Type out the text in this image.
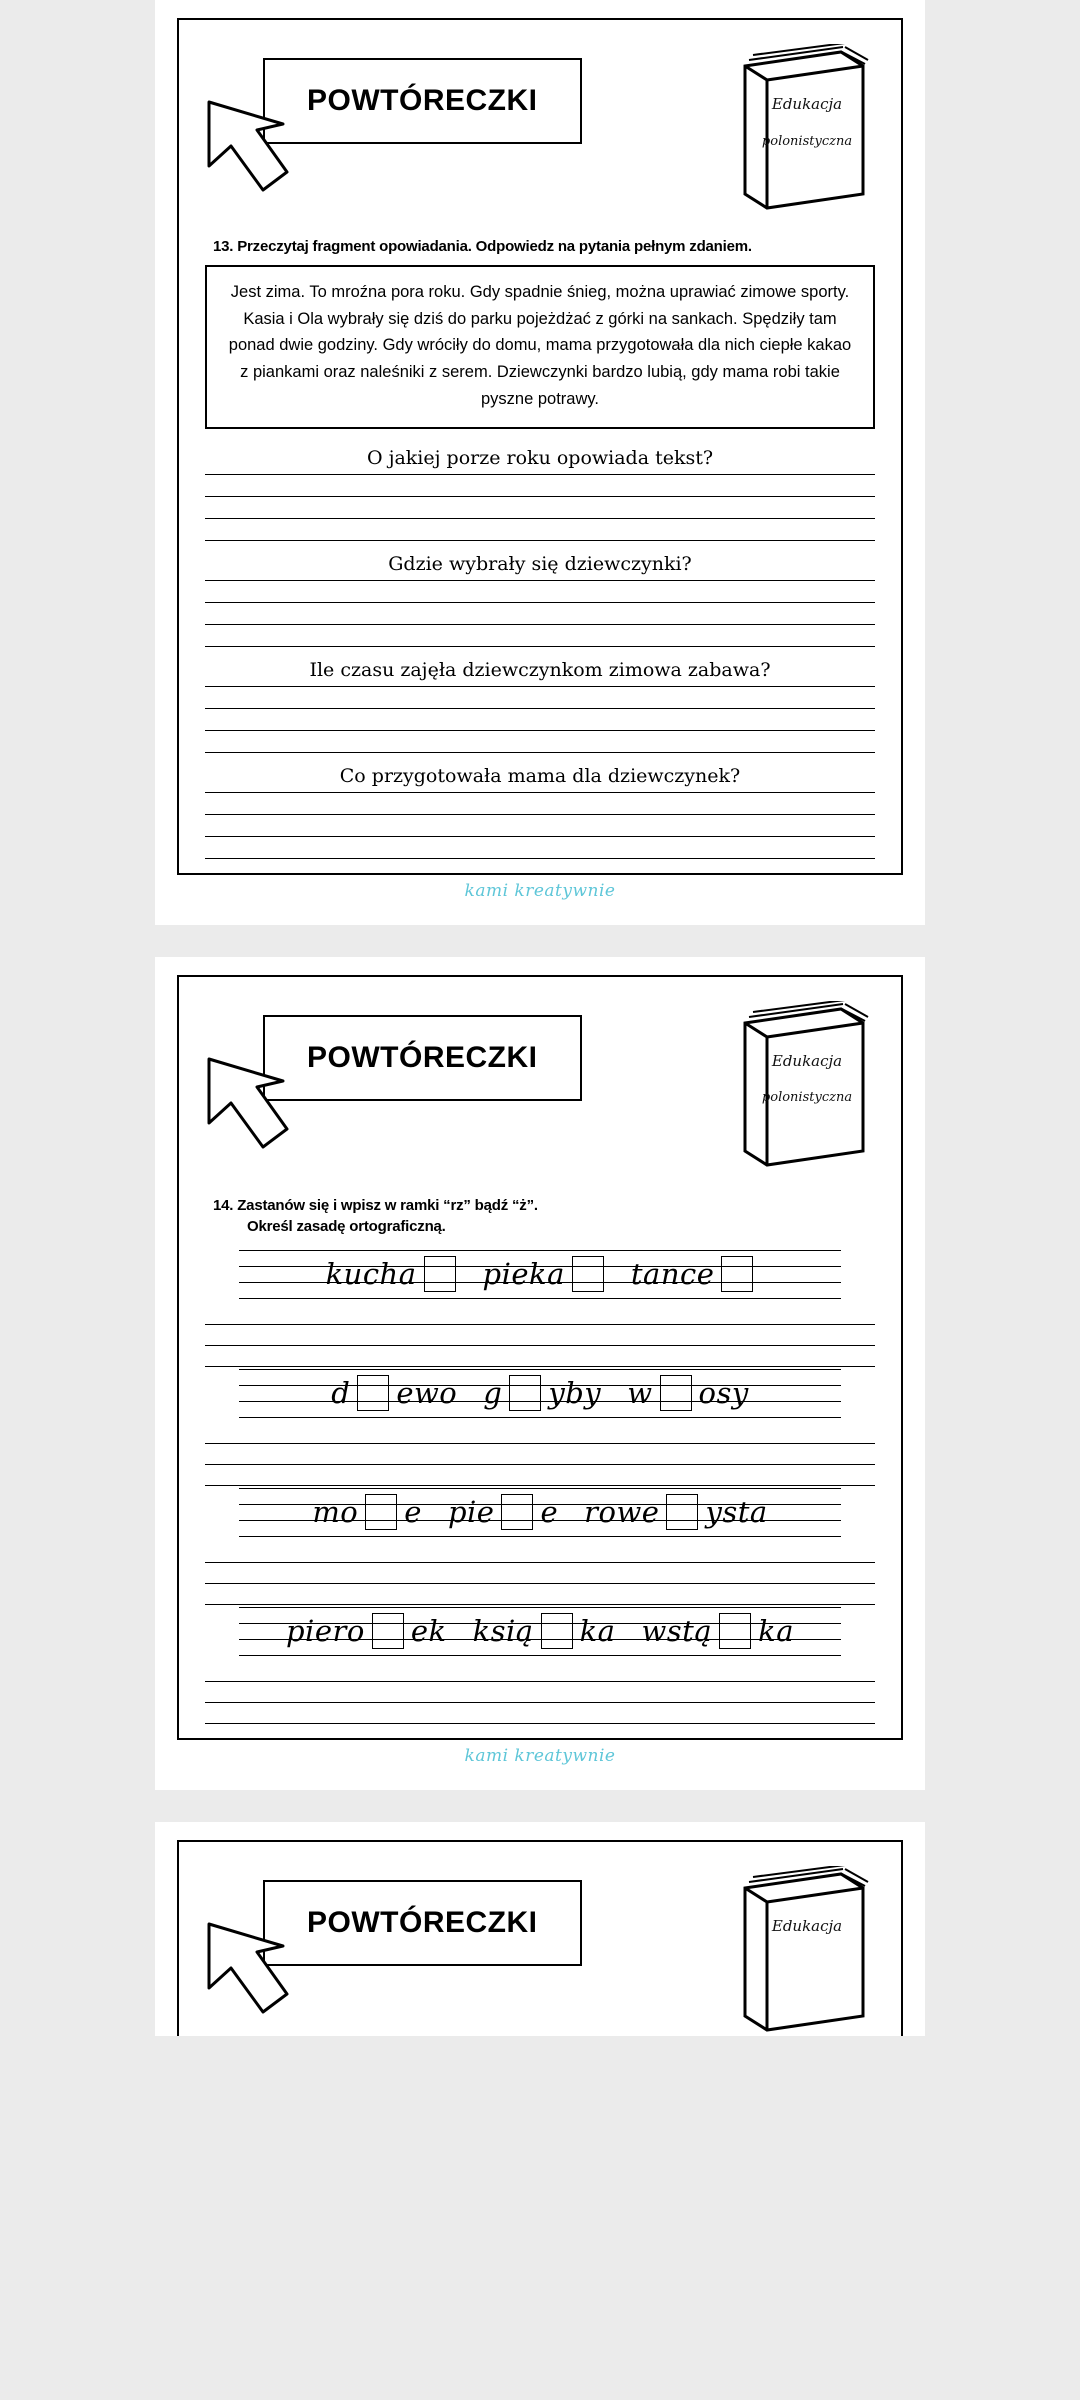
POWTÓRECZKI	Edukacja
polonistyczna
13. Przeczytaj fragment opowiadania. Odpowiedz na pytania pełnym zdaniem.
Jest zima. To mroźna pora roku. Gdy spadnie śnieg, można uprawiać zimowe sporty. Kasia i Ola wybrały się dziś do parku pojeżdżać z górki na sankach. Spędziły tam ponad dwie godziny. Gdy wróciły do domu, mama przygotowała dla nich ciepłe kakao z piankami oraz naleśniki z serem. Dziewczynki bardzo lubią, gdy mama robi takie pyszne potrawy.
O jakiej porze roku opowiada tekst?
Gdzie wybrały się dziewczynki?
Ile czasu zajęła dziewczynkom zimowa zabawa?
Co przygotowała mama dla dziewczynek?
kami kreatywnie
POWTÓRECZKI	Edukacja
polonistyczna
14. Zastanów się i wpisz w ramki “rz” bądź “ż”.
Określ zasadę ortograficzną.
kucha pieka tance
d ewo g yby w osy
mo e pie e rowe ysta
piero ek ksią ka wstą ka
kami kreatywnie
POWTÓRECZKI	Edukacja
